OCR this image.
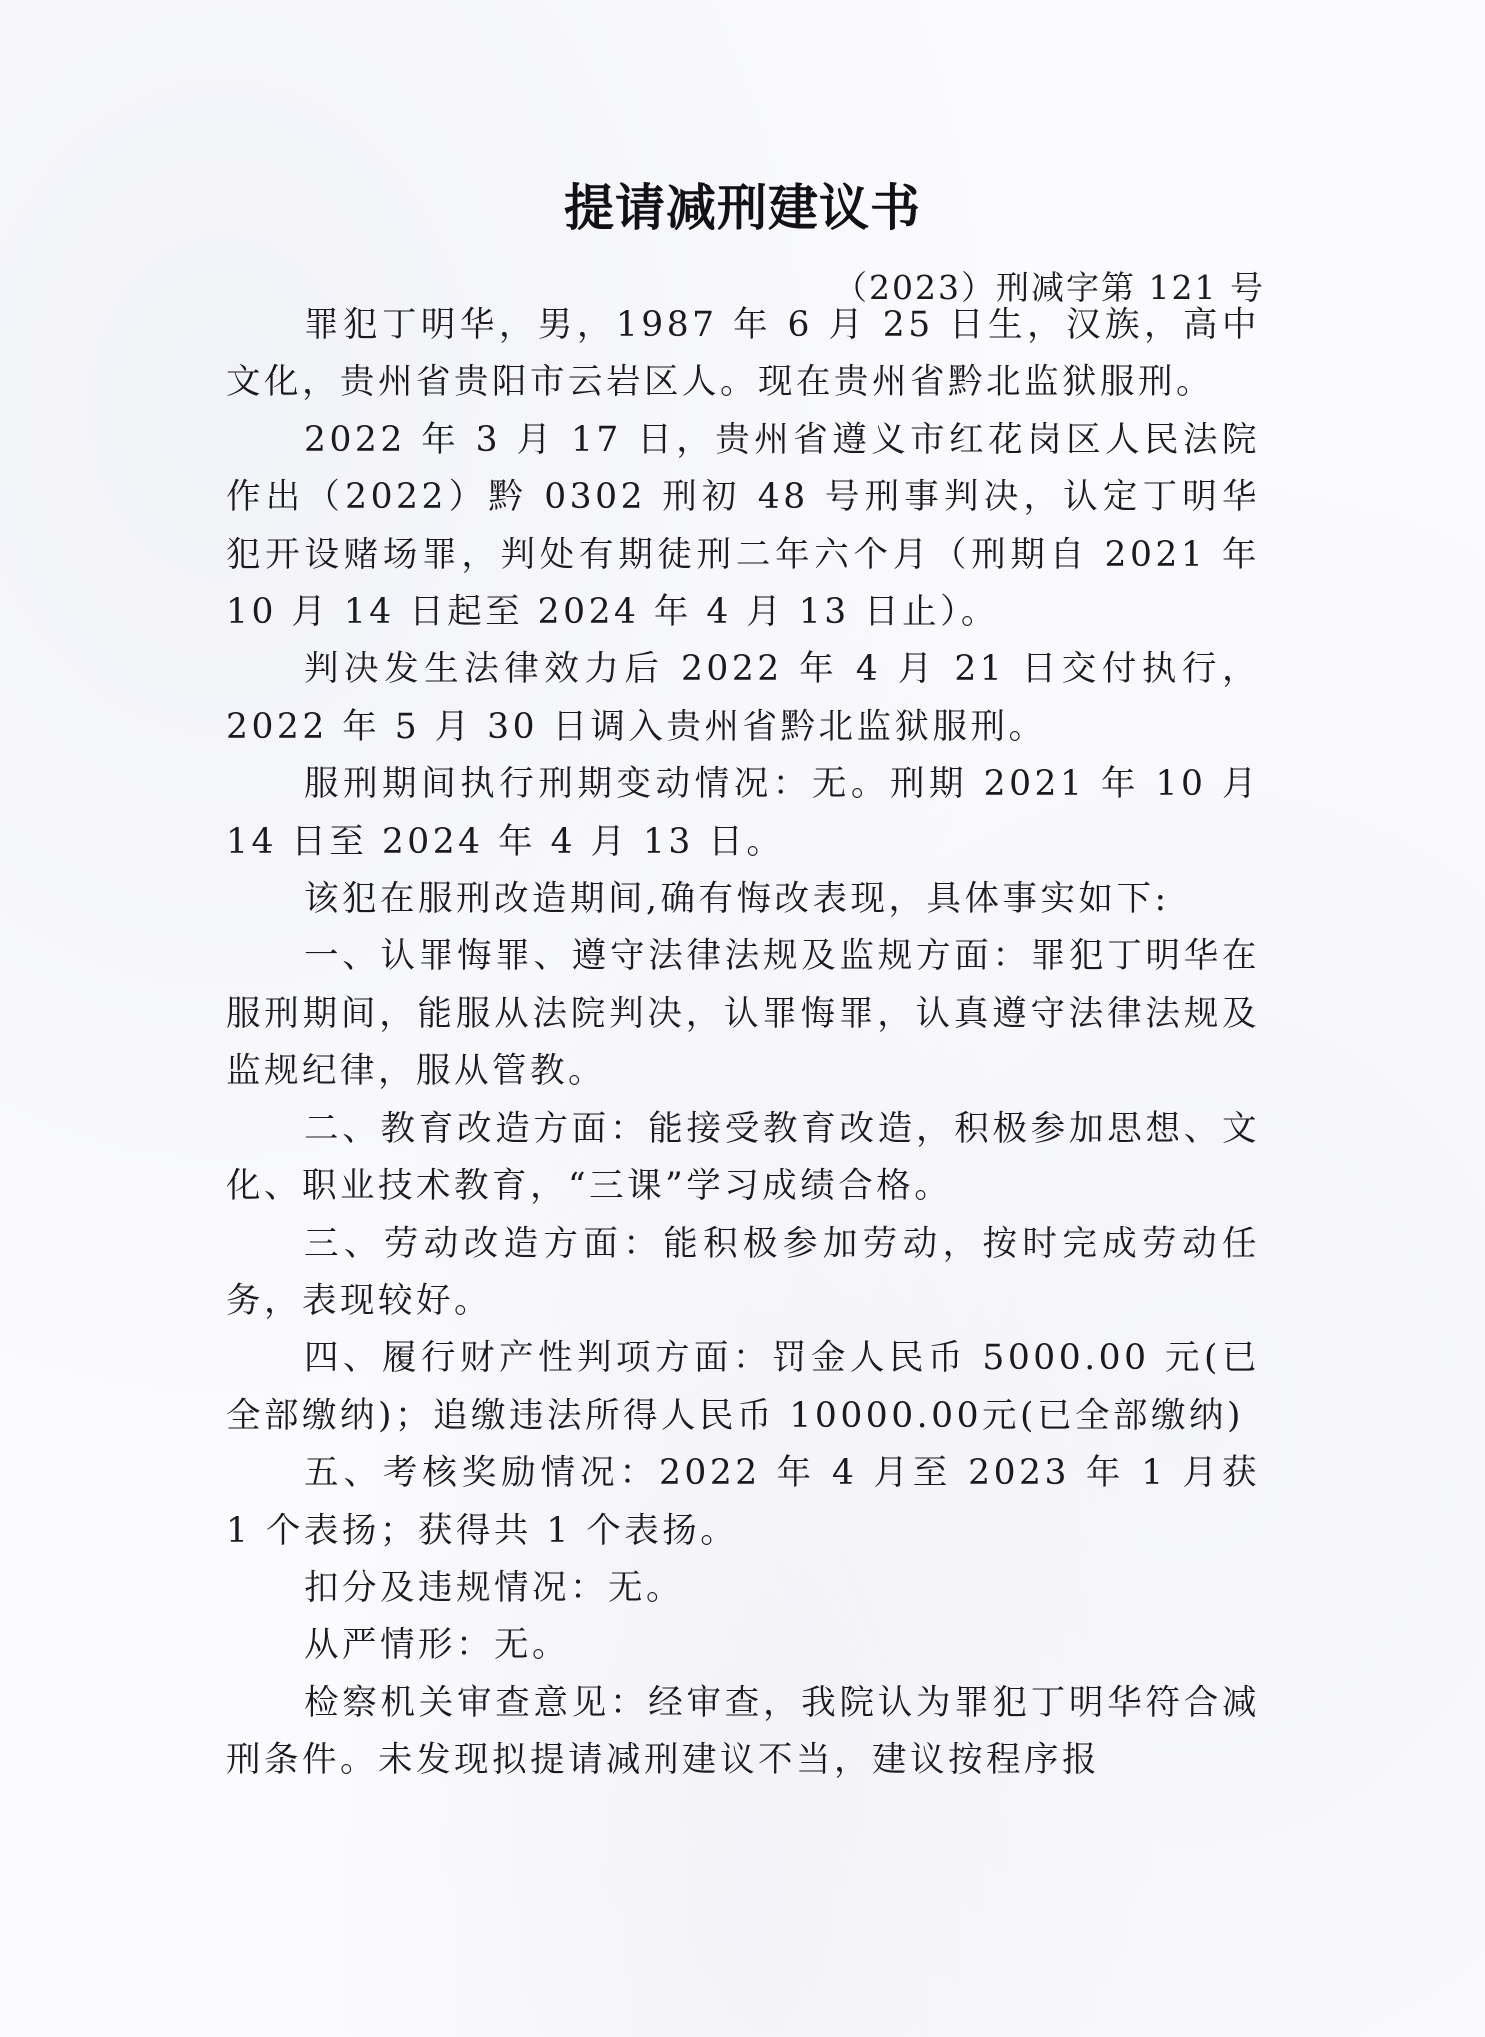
提请减刑建议书
（2023）刑减字第 121 号

罪犯丁明华，男，1987 年 6 月 25 日生，汉族，高中文化，贵州省贵阳市云岩区人。现在贵州省黔北监狱服刑。

2022 年 3 月 17 日，贵州省遵义市红花岗区人民法院作出（2022）黔 0302 刑初 48 号刑事判决，认定丁明华犯开设赌场罪，判处有期徒刑二年六个月（刑期自 2021 年 10 月 14 日起至 2024 年 4 月 13 日止）。

判决发生法律效力后 2022 年 4 月 21 日交付执行，2022 年 5 月 30 日调入贵州省黔北监狱服刑。

服刑期间执行刑期变动情况：无。刑期 2021 年 10 月 14 日至 2024 年 4 月 13 日。

该犯在服刑改造期间,确有悔改表现，具体事实如下:

一、认罪悔罪、遵守法律法规及监规方面：罪犯丁明华在服刑期间，能服从法院判决，认罪悔罪，认真遵守法律法规及监规纪律，服从管教。

二、教育改造方面：能接受教育改造，积极参加思想、文化、职业技术教育，“三课”学习成绩合格。

三、劳动改造方面：能积极参加劳动，按时完成劳动任务，表现较好。

四、履行财产性判项方面：罚金人民币 5000.00 元(已全部缴纳)；追缴违法所得人民币 10000.00元(已全部缴纳)

五、考核奖励情况：2022 年 4 月至 2023 年 1 月获 1 个表扬；获得共 1 个表扬。

扣分及违规情况：无。

从严情形：无。

检察机关审查意见：经审查，我院认为罪犯丁明华符合减刑条件。未发现拟提请减刑建议不当，建议按程序报
